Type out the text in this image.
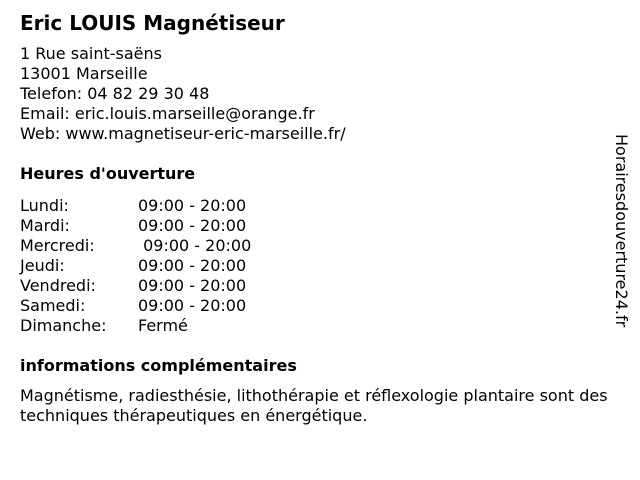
Eric LOUIS Magnétiseur
1 Rue saint-saëns
13001 Marseille
Telefon: 04 82 29 30 48
Email: eric.louis.marseille@orange.fr
Web: www.magnetiseur-eric-marseille.fr/
Heures d'ouverture
Lundi:	09:00 - 20:00
Mardi:	09:00 - 20:00
Mercredi:	09:00 - 20:00
Jeudi:	09:00 - 20:00
Vendredi:	09:00 - 20:00
Samedi:	09:00 - 20:00
Dimanche:	Fermé
informations complémentaires

Magnétisme, radiesthésie, lithothérapie et réflexologie plantaire sont des techniques thérapeutiques en énergétique.

Horairesdouverture24.fr
